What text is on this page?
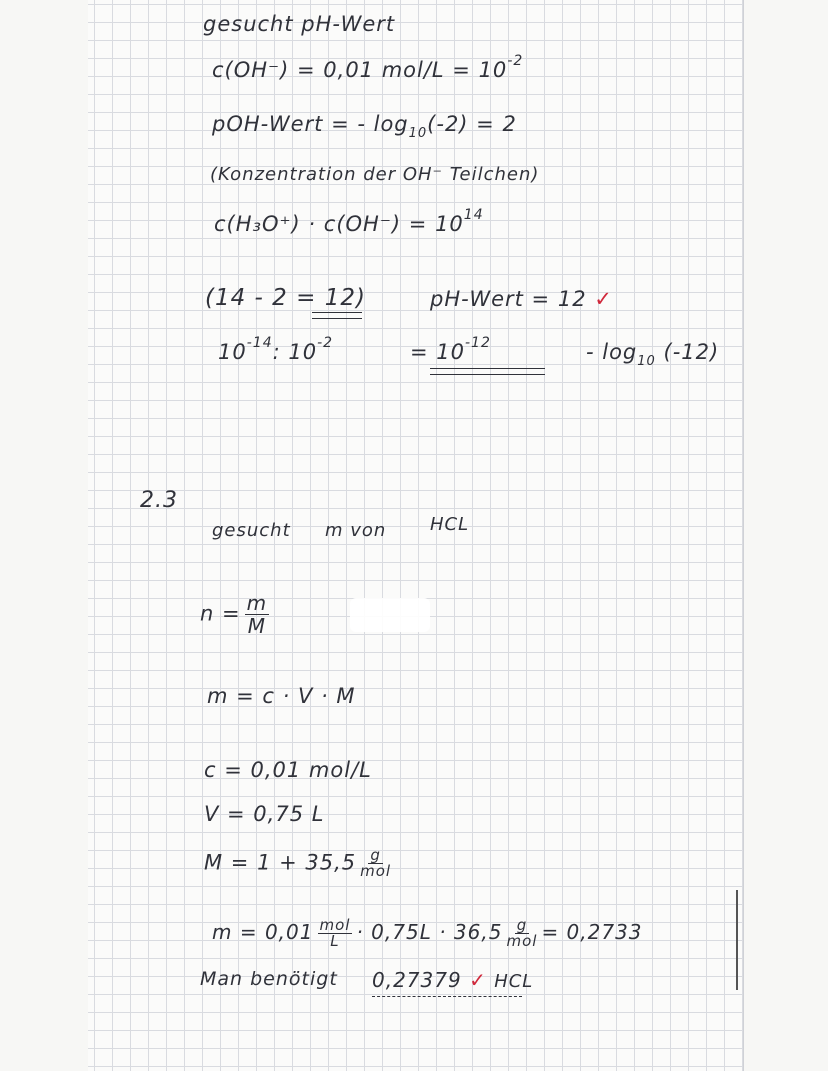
gesucht pH-Wert
c(OH⁻) = 0,01 $mol/L = 10^{-2}$
pOH-Wert = - $\log_{10}(-2) = 2$
(Konzentration der OH⁻ Teilchen)
$c(H_3O^+) \cdot c(OH^-) = 10^{14}$
(14 - 2 = 12)	pH-Wert = 12 ✓
$10^{-14}$: $10^{-2}$	= $10^{-12}$	- $\log_{10} (-12)$
2.3
gesucht m von HCL
$n = \frac{m}{M}$
m = c · V · M
c = 0,01 mol/L
V = 0,75 L
$M = 1 + 35,5 \frac{g}{\text{mol}}$
$m = 0,01 \frac{\text{mol}}{L} \cdot 0,75L \cdot 36,5 \frac{g}{\text{mol}} = 0,2733$
Man benötigt 0,27379 ✓ HCL
